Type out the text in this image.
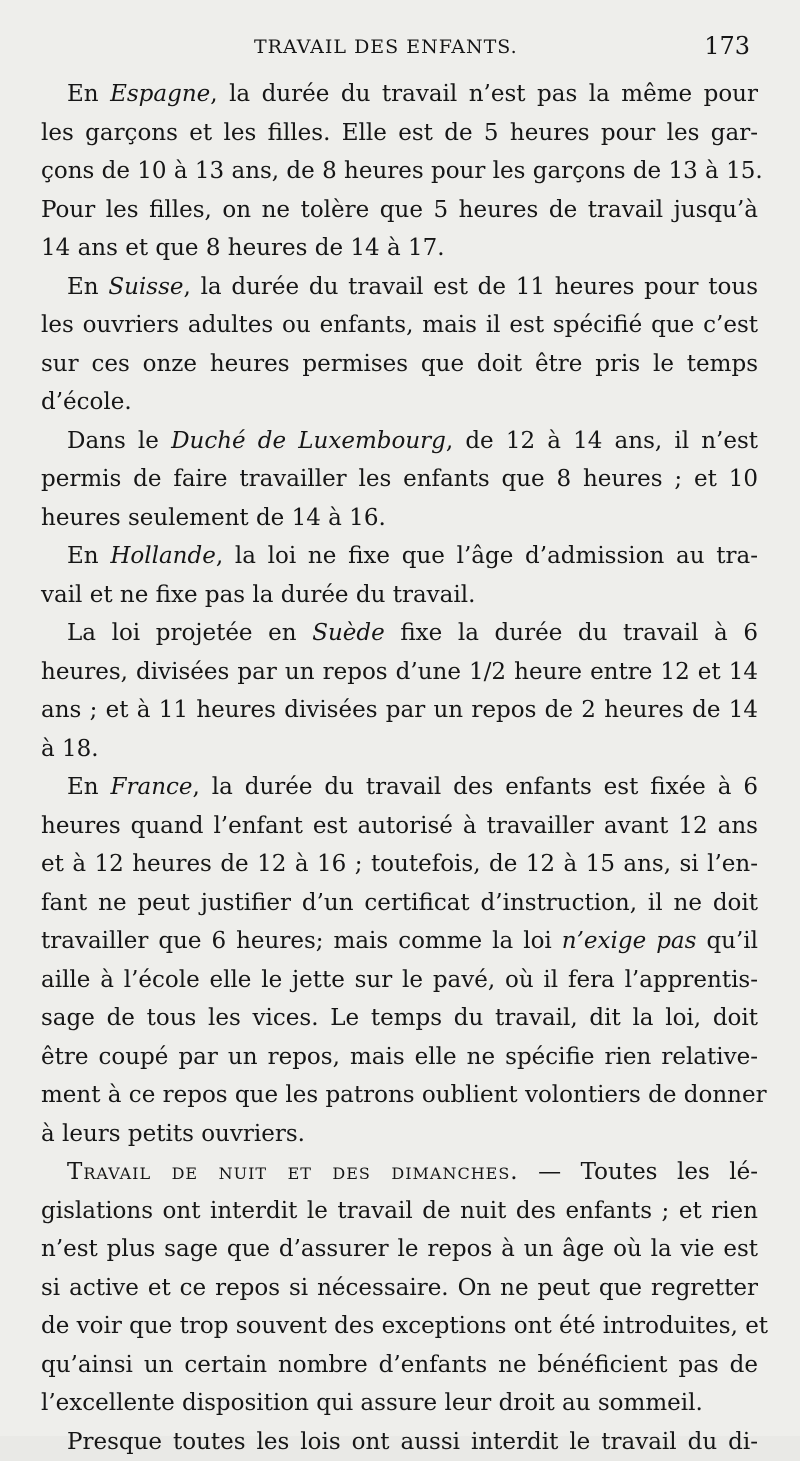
TRAVAIL DES ENFANTS.	173
En Espagne, la durée du travail n’est pas la même pour
les garçons et les filles. Elle est de 5 heures pour les gar-
çons de 10 à 13 ans, de 8 heures pour les garçons de 13 à 15.
Pour les filles, on ne tolère que 5 heures de travail jusqu’à
14 ans et que 8 heures de 14 à 17.
En Suisse, la durée du travail est de 11 heures pour tous
les ouvriers adultes ou enfants, mais il est spécifié que c’est
sur ces onze heures permises que doit être pris le temps
d’école.
Dans le Duché de Luxembourg, de 12 à 14 ans, il n’est
permis de faire travailler les enfants que 8 heures ; et 10
heures seulement de 14 à 16.
En Hollande, la loi ne fixe que l’âge d’admission au tra-
vail et ne fixe pas la durée du travail.
La loi projetée en Suède fixe la durée du travail à 6
heures, divisées par un repos d’une 1/2 heure entre 12 et 14
ans ; et à 11 heures divisées par un repos de 2 heures de 14
à 18.
En France, la durée du travail des enfants est fixée à 6
heures quand l’enfant est autorisé à travailler avant 12 ans
et à 12 heures de 12 à 16 ; toutefois, de 12 à 15 ans, si l’en-
fant ne peut justifier d’un certificat d’instruction, il ne doit
travailler que 6 heures; mais comme la loi n’exige pas qu’il
aille à l’école elle le jette sur le pavé, où il fera l’apprentis-
sage de tous les vices. Le temps du travail, dit la loi, doit
être coupé par un repos, mais elle ne spécifie rien relative-
ment à ce repos que les patrons oublient volontiers de donner
à leurs petits ouvriers.
Travail de nuit et des dimanches. — Toutes les lé-
gislations ont interdit le travail de nuit des enfants ; et rien
n’est plus sage que d’assurer le repos à un âge où la vie est
si active et ce repos si nécessaire. On ne peut que regretter
de voir que trop souvent des exceptions ont été introduites, et
qu’ainsi un certain nombre d’enfants ne bénéficient pas de
l’excellente disposition qui assure leur droit au sommeil.
Presque toutes les lois ont aussi interdit le travail du di-
